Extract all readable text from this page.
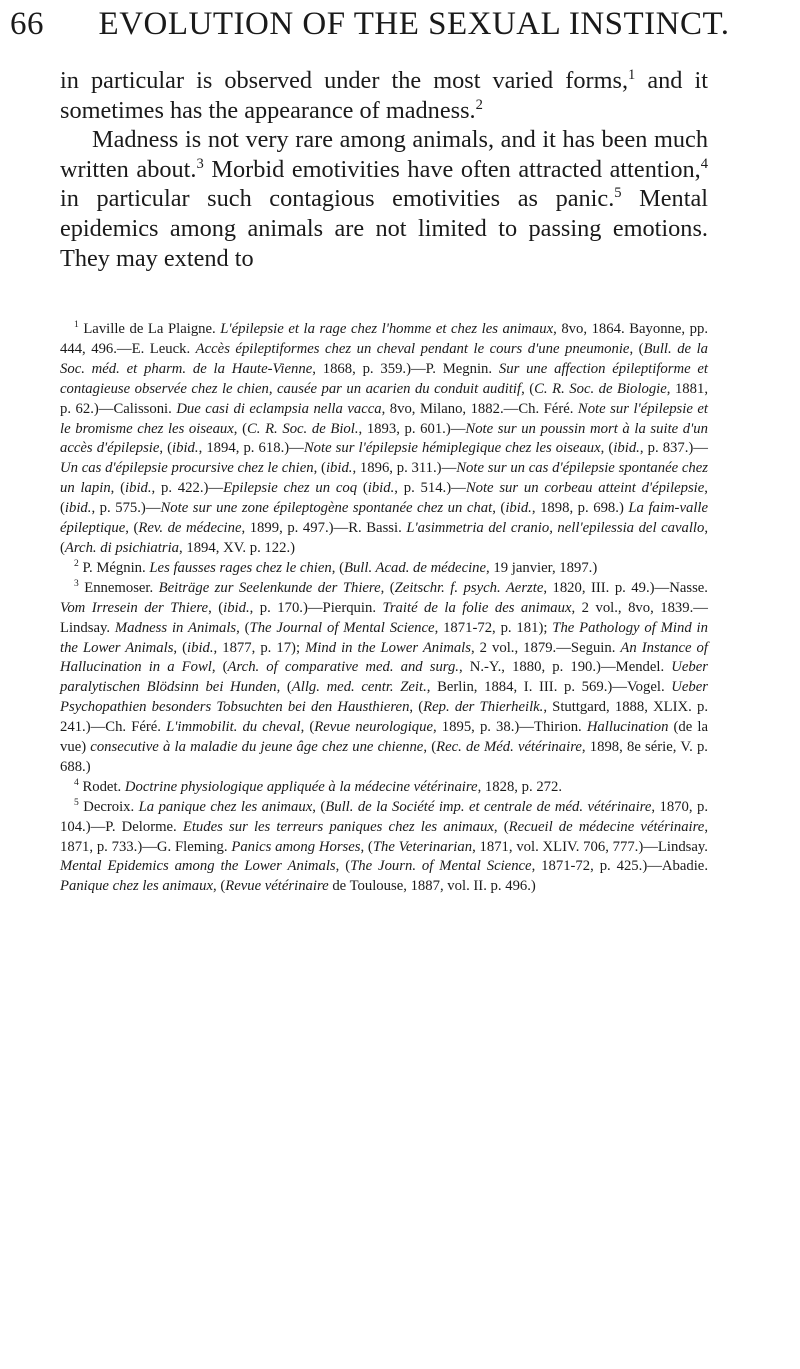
66	EVOLUTION OF THE SEXUAL INSTINCT.

in particular is observed under the most varied forms,$^1$ and it sometimes has the appearance of madness.$^2$

Madness is not very rare among animals, and it has been much written about.$^3$ Morbid emotivities have often attracted attention,$^4$ in particular such contagious emotivities as panic.$^5$ Mental epidemics among animals are not limited to passing emotions. They may extend to

$^1$ Laville de La Plaigne. L'épilepsie et la rage chez l'homme et chez les animaux, 8vo, 1864. Bayonne, pp. 444, 496.—E. Leuck. Accès épileptiformes chez un cheval pendant le cours d'une pneumonie, (Bull. de la Soc. méd. et pharm. de la Haute-Vienne, 1868, p. 359.)—P. Megnin. Sur une affection épileptiforme et contagieuse observée chez le chien, causée par un acarien du conduit auditif, (C. R. Soc. de Biologie, 1881, p. 62.)—Calissoni. Due casi di eclampsia nella vacca, 8vo, Milano, 1882.—Ch. Féré. Note sur l'épilepsie et le bromisme chez les oiseaux, (C. R. Soc. de Biol., 1893, p. 601.)—Note sur un poussin mort à la suite d'un accès d'épilepsie, (ibid., 1894, p. 618.)—Note sur l'épilepsie hémiplegique chez les oiseaux, (ibid., p. 837.)—Un cas d'épilepsie procursive chez le chien, (ibid., 1896, p. 311.)—Note sur un cas d'épilepsie spontanée chez un lapin, (ibid., p. 422.)—Epilepsie chez un coq (ibid., p. 514.)—Note sur un corbeau atteint d'épilepsie, (ibid., p. 575.)—Note sur une zone épileptogène spontanée chez un chat, (ibid., 1898, p. 698.) La faim-valle épileptique, (Rev. de médecine, 1899, p. 497.)—R. Bassi. L'asimmetria del cranio, nell'epilessia del cavallo, (Arch. di psichiatria, 1894, XV. p. 122.)

$^2$ P. Mégnin. Les fausses rages chez le chien, (Bull. Acad. de médecine, 19 janvier, 1897.)

$^3$ Ennemoser. Beiträge zur Seelenkunde der Thiere, (Zeitschr. f. psych. Aerzte, 1820, III. p. 49.)—Nasse. Vom Irresein der Thiere, (ibid., p. 170.)—Pierquin. Traité de la folie des animaux, 2 vol., 8vo, 1839.—Lindsay. Madness in Animals, (The Journal of Mental Science, 1871-72, p. 181); The Pathology of Mind in the Lower Animals, (ibid., 1877, p. 17); Mind in the Lower Animals, 2 vol., 1879.—Seguin. An Instance of Hallucination in a Fowl, (Arch. of comparative med. and surg., N.-Y., 1880, p. 190.)—Mendel. Ueber paralytischen Blödsinn bei Hunden, (Allg. med. centr. Zeit., Berlin, 1884, I. III. p. 569.)—Vogel. Ueber Psychopathien besonders Tobsuchten bei den Hausthieren, (Rep. der Thierheilk., Stuttgard, 1888, XLIX. p. 241.)—Ch. Féré. L'immobilit. du cheval, (Revue neurologique, 1895, p. 38.)—Thirion. Hallucination (de la vue) consecutive à la maladie du jeune âge chez une chienne, (Rec. de Méd. vétérinaire, 1898, 8e série, V. p. 688.)

$^4$ Rodet. Doctrine physiologique appliquée à la médecine vétérinaire, 1828, p. 272.

$^5$ Decroix. La panique chez les animaux, (Bull. de la Société imp. et centrale de méd. vétérinaire, 1870, p. 104.)—P. Delorme. Etudes sur les terreurs paniques chez les animaux, (Recueil de médecine vétérinaire, 1871, p. 733.)—G. Fleming. Panics among Horses, (The Veterinarian, 1871, vol. XLIV. 706, 777.)—Lindsay. Mental Epidemics among the Lower Animals, (The Journ. of Mental Science, 1871-72, p. 425.)—Abadie. Panique chez les animaux, (Revue vétérinaire de Toulouse, 1887, vol. II. p. 496.)
